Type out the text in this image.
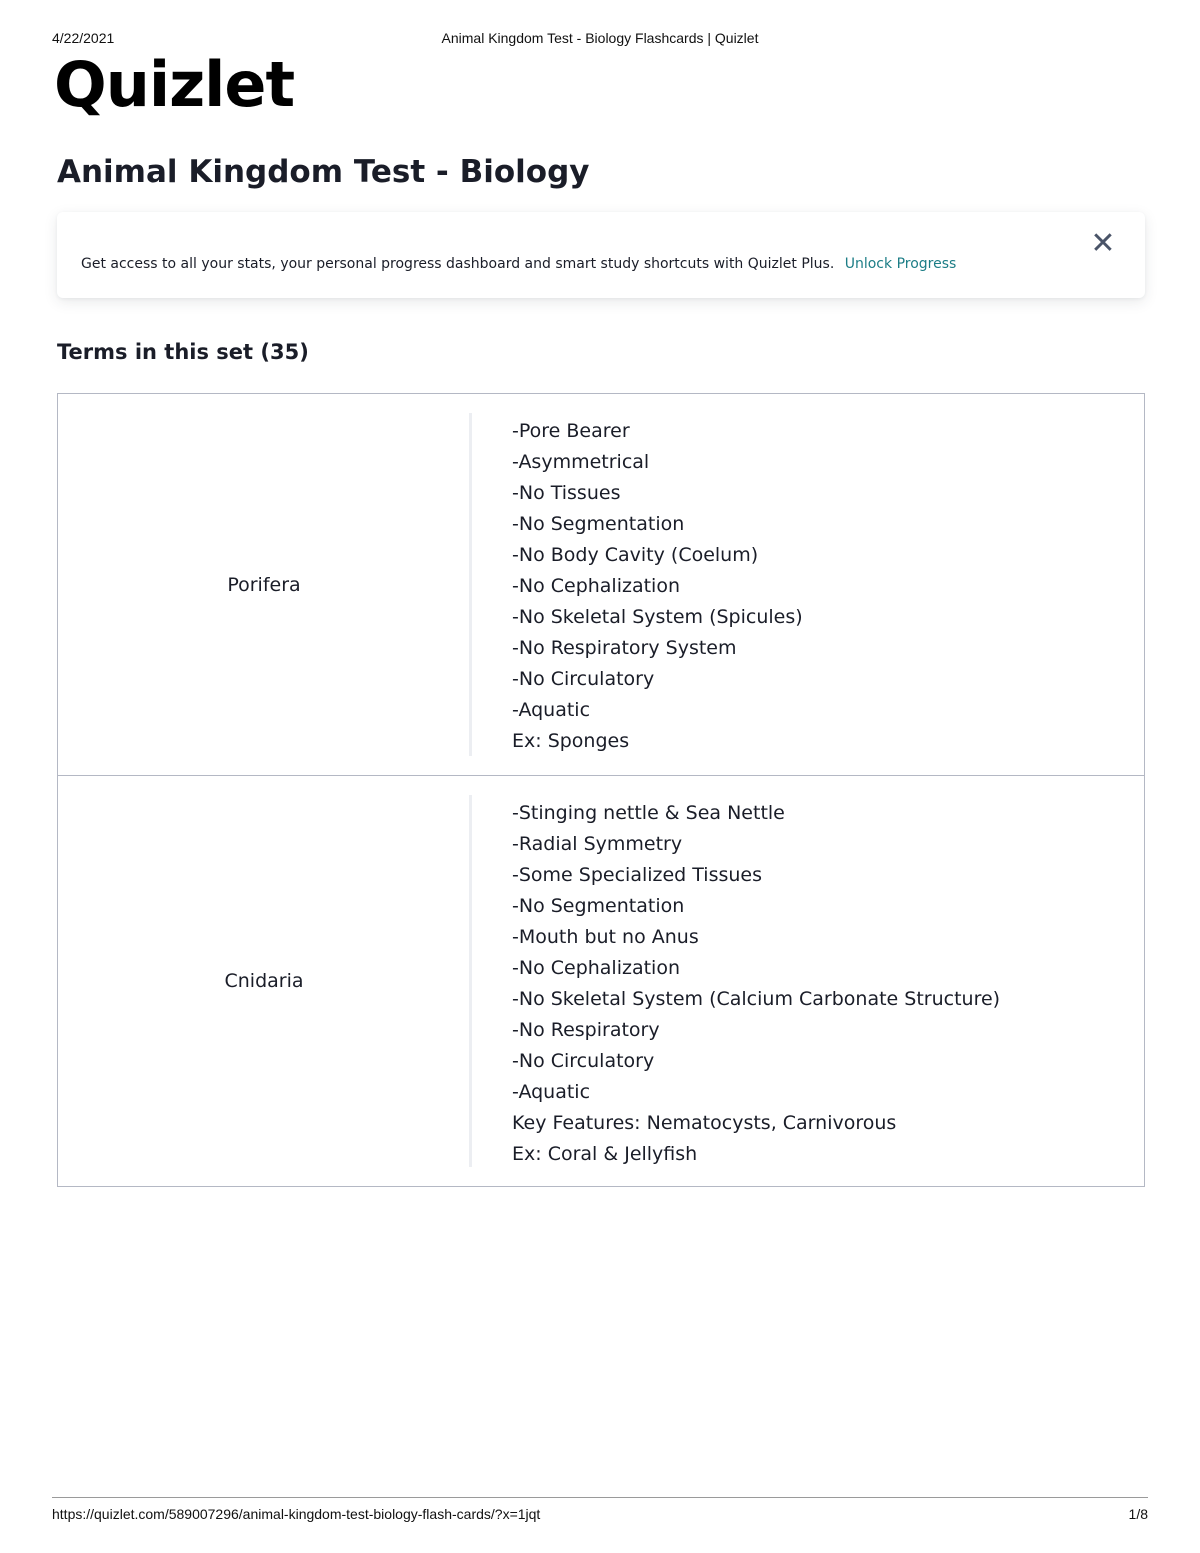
4/22/2021	Animal Kingdom Test - Biology Flashcards | Quizlet
Quizlet
Animal Kingdom Test - Biology
Get access to all your stats, your personal progress dashboard and smart study shortcuts with Quizlet Plus. Unlock Progress
✕
Terms in this set (35)
Porifera
-Pore Bearer
-Asymmetrical
-No Tissues
-No Segmentation
-No Body Cavity (Coelum)
-No Cephalization
-No Skeletal System (Spicules)
-No Respiratory System
-No Circulatory
-Aquatic
Ex: Sponges
Cnidaria
-Stinging nettle & Sea Nettle
-Radial Symmetry
-Some Specialized Tissues
-No Segmentation
-Mouth but no Anus
-No Cephalization
-No Skeletal System (Calcium Carbonate Structure)
-No Respiratory
-No Circulatory
-Aquatic
Key Features: Nematocysts, Carnivorous
Ex: Coral & Jellyfish
https://quizlet.com/589007296/animal-kingdom-test-biology-flash-cards/?x=1jqt	1/8
